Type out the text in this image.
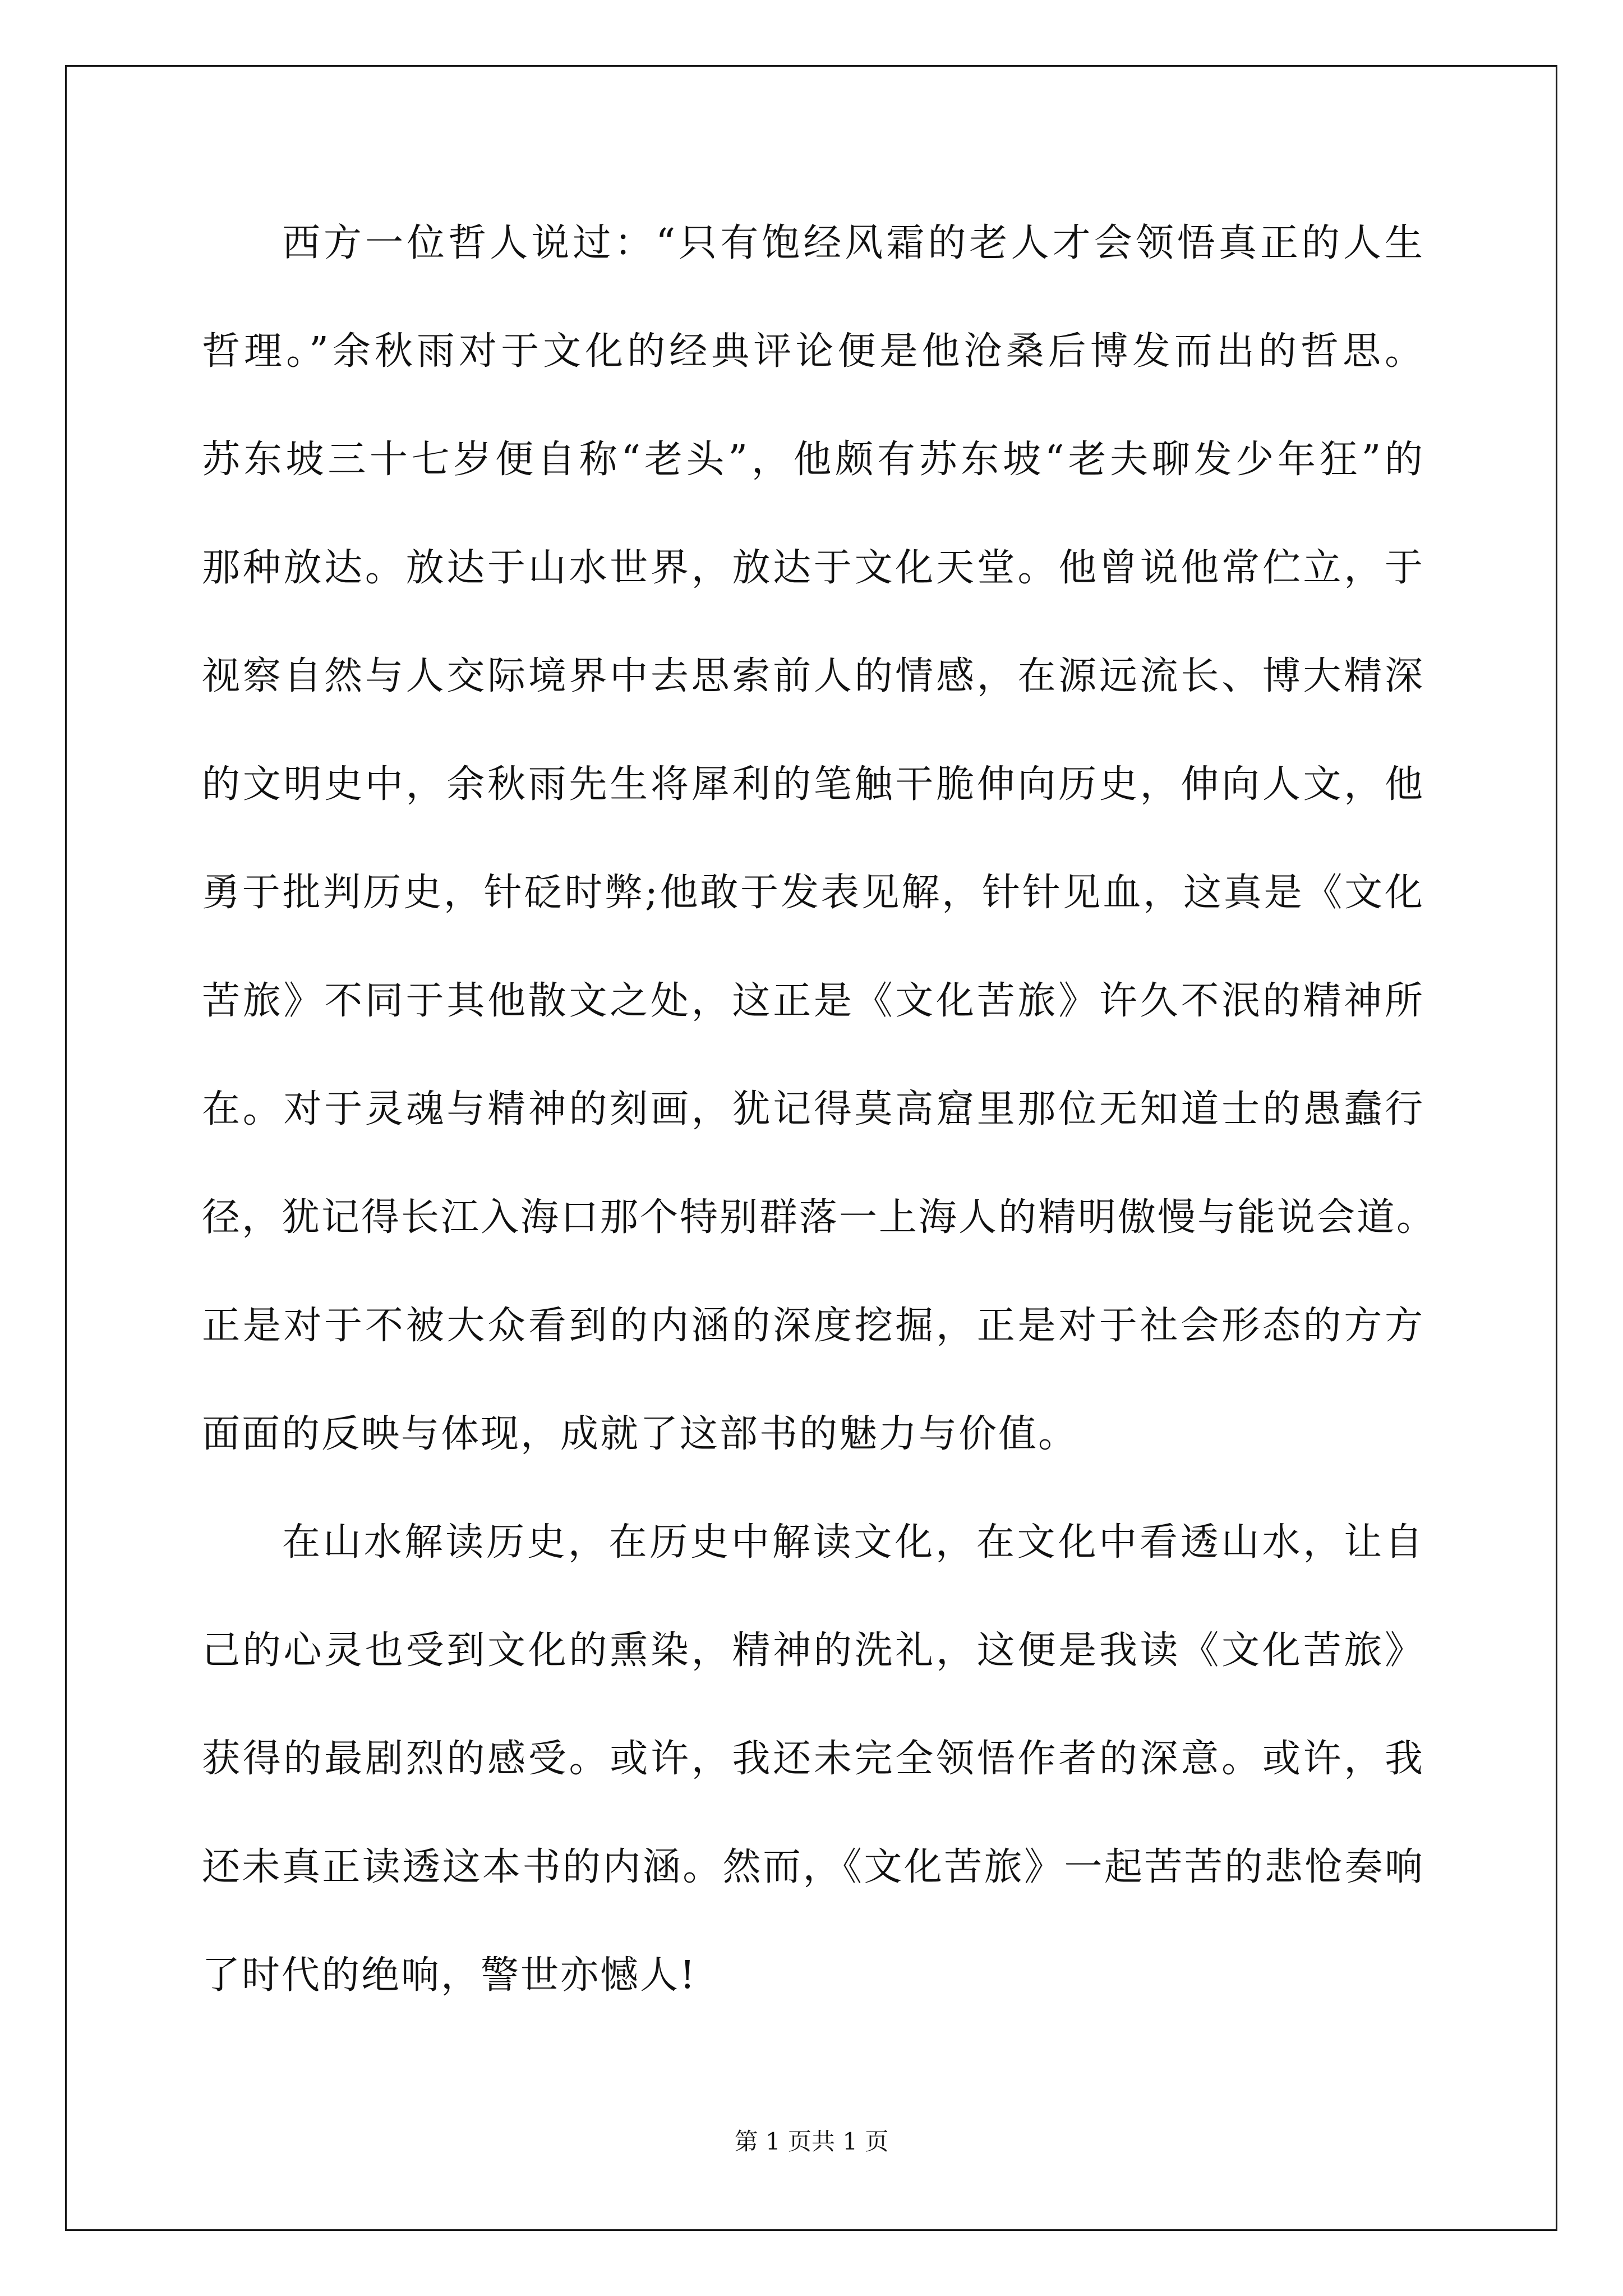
西方一位哲人说过：“只有饱经风霜的老人才会领悟真正的人生
哲理。”余秋雨对于文化的经典评论便是他沧桑后博发而出的哲思。
苏东坡三十七岁便自称“老头”，他颇有苏东坡“老夫聊发少年狂”的
那种放达。放达于山水世界，放达于文化天堂。他曾说他常伫立，于
视察自然与人交际境界中去思索前人的情感，在源远流长、博大精深
的文明史中，余秋雨先生将犀利的笔触干脆伸向历史，伸向人文，他
勇于批判历史，针砭时弊;他敢于发表见解，针针见血，这真是《文化
苦旅》不同于其他散文之处，这正是《文化苦旅》许久不泯的精神所
在。对于灵魂与精神的刻画，犹记得莫高窟里那位无知道士的愚蠢行
径，犹记得长江入海口那个特别群落一上海人的精明傲慢与能说会道。
正是对于不被大众看到的内涵的深度挖掘，正是对于社会形态的方方
面面的反映与体现，成就了这部书的魅力与价值。
在山水解读历史，在历史中解读文化，在文化中看透山水，让自
己的心灵也受到文化的熏染，精神的洗礼，这便是我读《文化苦旅》
获得的最剧烈的感受。或许，我还未完全领悟作者的深意。或许，我
还未真正读透这本书的内涵。然而，《文化苦旅》一起苦苦的悲怆奏响
了时代的绝响，警世亦憾人!
第 1 页共 1 页
